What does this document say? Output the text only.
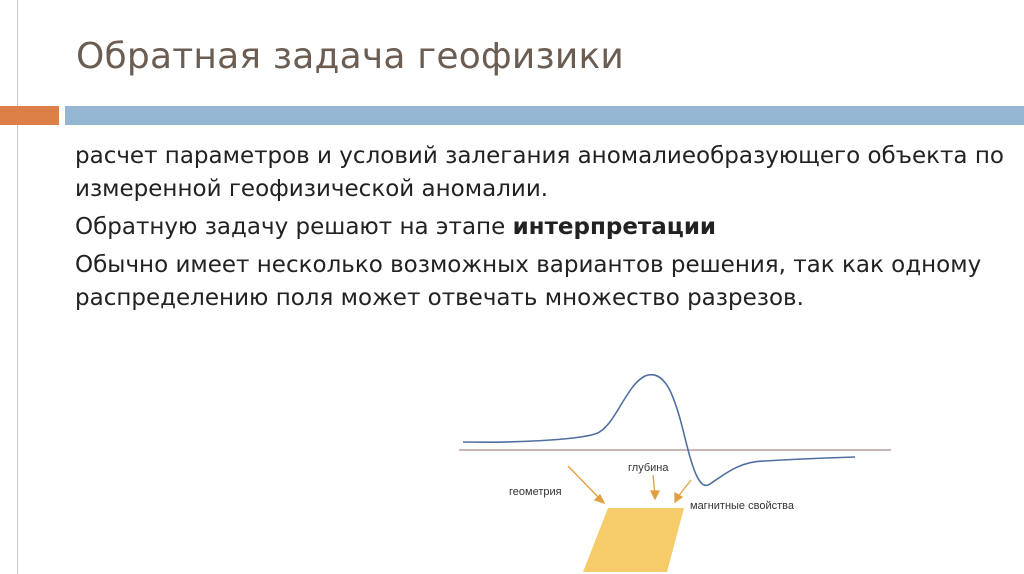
Обратная задача геофизики

расчет параметров и условий залегания аномалиеобразующего объекта по измеренной геофизической аномалии.

Обратную задачу решают на этапе интерпретации

Обычно имеет несколько возможных вариантов решения, так как одному распределению поля может отвечать множество разрезов.

глубина
геометрия
магнитные свойства
